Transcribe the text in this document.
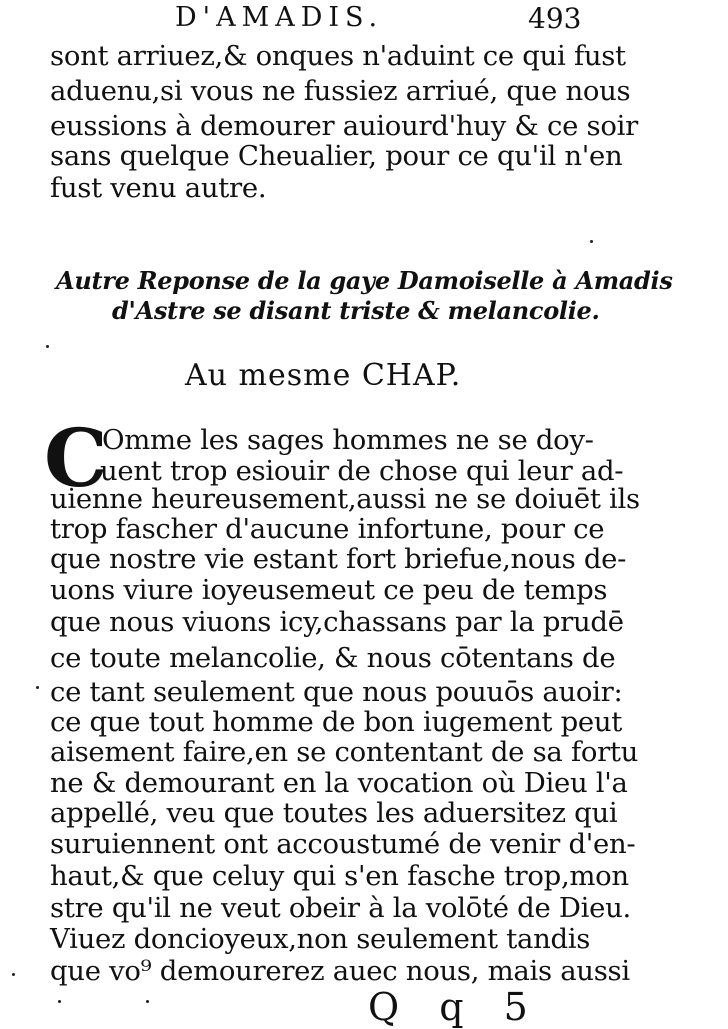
D'AMADIS.	493
sont arriuez,& onques n'aduint ce qui fust
aduenu,si vous ne fussiez arriué, que nous
eussions à demourer auiourd'huy & ce soir
sans quelque Cheualier, pour ce qu'il n'en
fust venu autre.
Autre Reponse de la gaye Damoiselle à Amadis
d'Astre se disant triste & melancolie.
Au mesme CHAP.
C
Omme les sages hommes ne se doy-
uent trop esiouir de chose qui leur ad-
uienne heureusement,aussi ne se doiuēt ils
trop fascher d'aucune infortune, pour ce
que nostre vie estant fort briefue,nous de-
uons viure ioyeusemeut ce peu de temps
que nous viuons icy,chassans par la prudē
ce toute melancolie, & nous cōtentans de
ce tant seulement que nous pouuōs auoir:
ce que tout homme de bon iugement peut
aisement faire,en se contentant de sa fortu
ne & demourant en la vocation où Dieu l'a
appellé, veu que toutes les aduersitez qui
suruiennent ont accoustumé de venir d'en-
haut,& que celuy qui s'en fasche trop,mon
stre qu'il ne veut obeir à la volōté de Dieu.
Viuez doncioyeux,non seulement tandis
que vo⁹ demourerez auec nous, mais aussi
Q q 5
